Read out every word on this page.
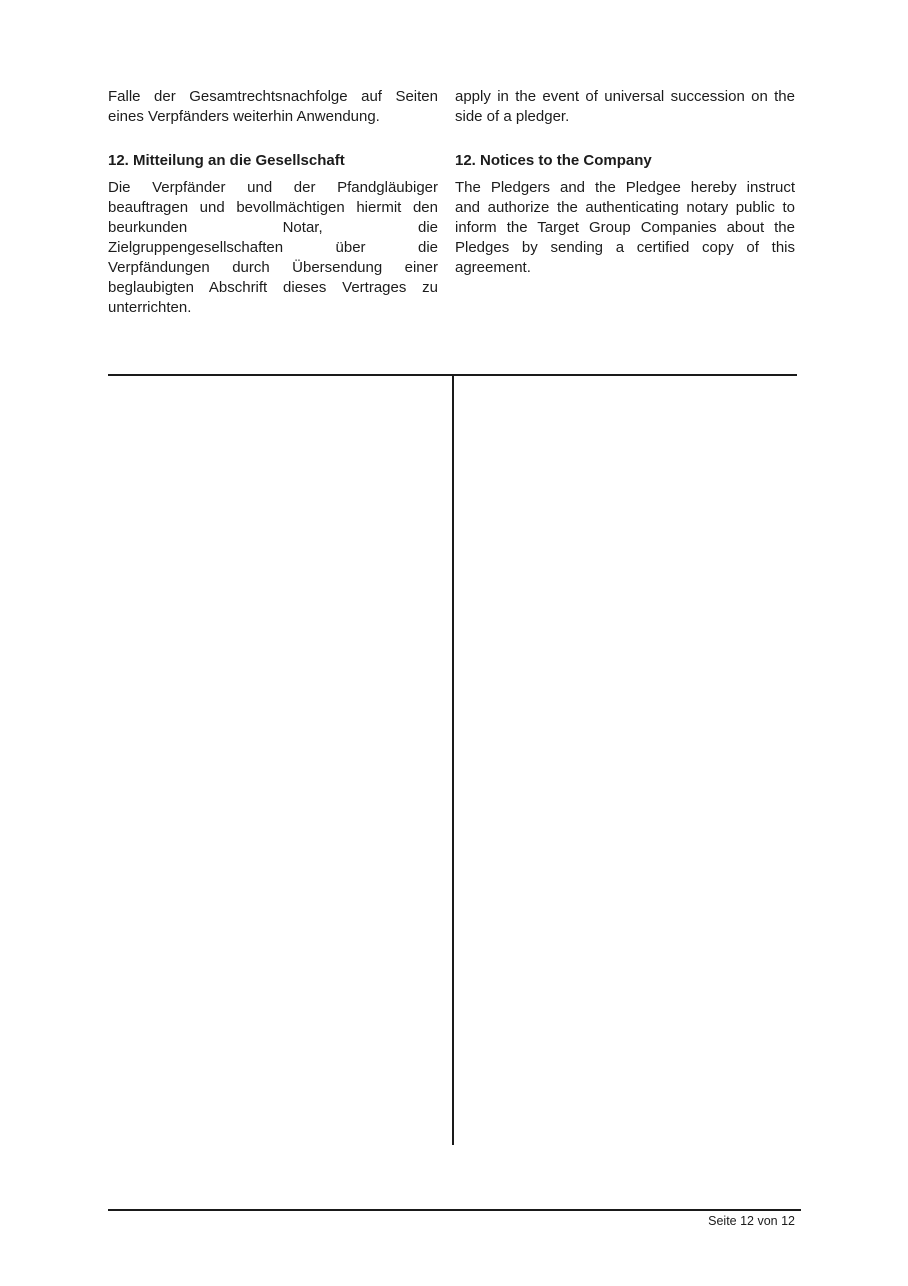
Falle der Gesamtrechtsnachfolge auf Seiten
eines Verpfänders weiterhin Anwendung.
12. Mitteilung an die Gesellschaft
Die Verpfänder und der Pfandgläubiger
beauftragen und bevollmächtigen hiermit den
beurkunden Notar, die
Zielgruppengesellschaften über die
Verpfändungen durch Übersendung einer
beglaubigten Abschrift dieses Vertrages zu
unterrichten.
apply in the event of universal succession on the
side of a pledger.
12. Notices to the Company
The Pledgers and the Pledgee hereby instruct
and authorize the authenticating notary public to
inform the Target Group Companies about the
Pledges by sending a certified copy of this
agreement.
Seite 12 von 12
